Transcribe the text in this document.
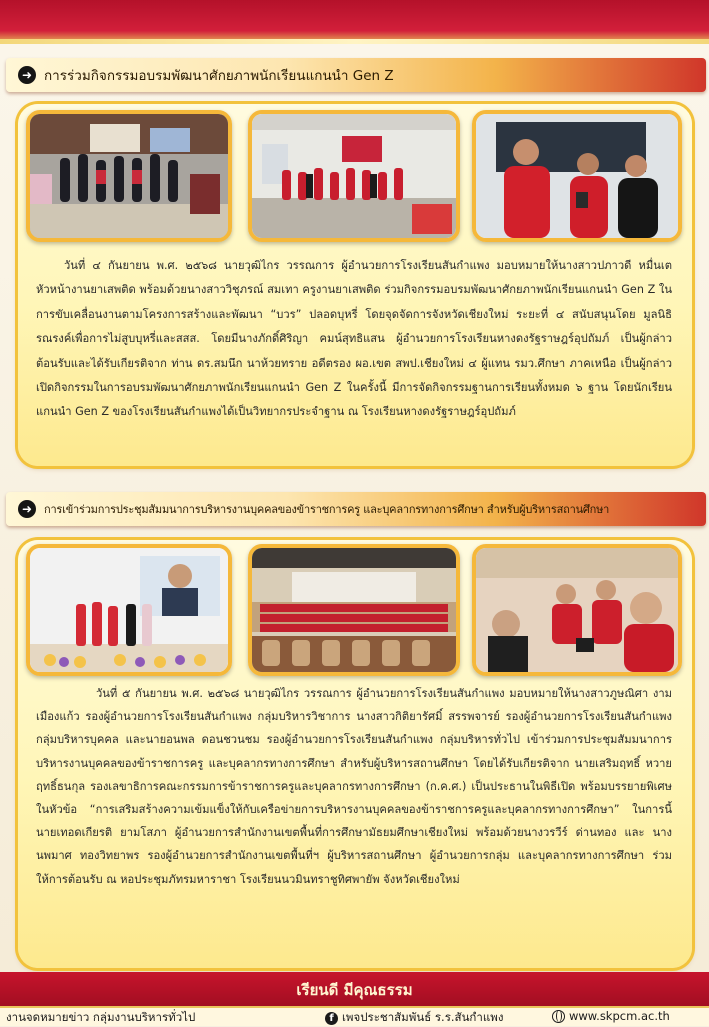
➜ การร่วมกิจกรรมอบรมพัฒนาศักยภาพนักเรียนแกนนำ Gen Z

วันที่ ๔ กันยายน พ.ศ. ๒๕๖๘ นายวุฒิไกร วรรณการ ผู้อำนวยการโรงเรียนสันกำแพง มอบหมายให้นางสาวปภาวดี หมื่นเต หัวหน้างานยาเสพติด พร้อมด้วยนางสาววิชุภรณ์ สมเทา ครูงานยาเสพติด ร่วมกิจกรรมอบรมพัฒนาศักยภาพนักเรียนแกนนำ Gen Z ในการขับเคลื่อนงานตามโครงการสร้างและพัฒนา “บวร” ปลอดบุหรี่ โดยจุดจัดการจังหวัดเชียงใหม่ ระยะที่ ๔ สนับสนุนโดย มูลนิธิรณรงค์เพื่อการไม่สูบบุหรี่และสสส. โดยมีนางภักดิ์ศิริญา คมน์สุทธิแสน ผู้อำนวยการโรงเรียนหางดงรัฐราษฎร์อุปถัมภ์ เป็นผู้กล่าวต้อนรับและได้รับเกียรติจาก ท่าน ดร.สมนึก นาห้วยทราย อดีตรอง ผอ.เขต สพป.เชียงใหม่ ๔ ผู้แทน รมว.ศึกษา ภาคเหนือ เป็นผู้กล่าวเปิดกิจกรรมในการอบรมพัฒนาศักยภาพนักเรียนแกนนำ Gen Z ในครั้งนี้ มีการจัดกิจกรรมฐานการเรียนทั้งหมด ๖ ฐาน โดยนักเรียนแกนนำ Gen Z ของโรงเรียนสันกำแพงได้เป็นวิทยากรประจำฐาน ณ โรงเรียนหางดงรัฐราษฎร์อุปถัมภ์

➜	การเข้าร่วมการประชุมสัมมนาการบริหารงานบุคคลของข้าราชการครู และบุคลากรทางการศึกษา สำหรับผู้บริหารสถานศึกษา

วันที่ ๕ กันยายน พ.ศ. ๒๕๖๘ นายวุฒิไกร วรรณการ ผู้อำนวยการโรงเรียนสันกำแพง มอบหมายให้นางสาวภูษณิศา งามเมืองแก้ว รองผู้อำนวยการโรงเรียนสันกำแพง กลุ่มบริหารวิชาการ นางสาวกิติยารัศมิ์ สรรพจารย์ รองผู้อำนวยการโรงเรียนสันกำแพง กลุ่มบริหารบุคคล และนายอนพล ดอนชวนชม รองผู้อำนวยการโรงเรียนสันกำแพง กลุ่มบริหารทั่วไป เข้าร่วมการประชุมสัมมนาการบริหารงานบุคคลของข้าราชการครู และบุคลากรทางการศึกษา สำหรับผู้บริหารสถานศึกษา โดยได้รับเกียรติจาก นายเสริมฤทธิ์ หวายฤทธิ์ธนกุล รองเลขาธิการคณะกรรมการข้าราชการครูและบุคลากรทางการศึกษา (ก.ค.ศ.) เป็นประธานในพิธีเปิด พร้อมบรรยายพิเศษในหัวข้อ “การเสริมสร้างความเข้มแข็งให้กับเครือข่ายการบริหารงานบุคคลของข้าราชการครูและบุคลากรทางการศึกษา” ในการนี้ นายเทอดเกียรติ ยามโสภา ผู้อำนวยการสำนักงานเขตพื้นที่การศึกษามัธยมศึกษาเชียงใหม่ พร้อมด้วยนางวรวีร์ ด่านทอง และ นางนพมาศ ทองวิทยาพร รองผู้อำนวยการสำนักงานเขตพื้นที่ฯ ผู้บริหารสถานศึกษา ผู้อำนวยการกลุ่ม และบุคลากรทางการศึกษา ร่วมให้การต้อนรับ ณ หอประชุมภัทรมหาราชา โรงเรียนนวมินทราชูทิศพายัพ จังหวัดเชียงใหม่

เรียนดี มีคุณธรรม
งานจดหมายข่าว กลุ่มงานบริหารทั่วไป	f เพจประชาสัมพันธ์ ร.ร.สันกำแพง	www.skpcm.ac.th
